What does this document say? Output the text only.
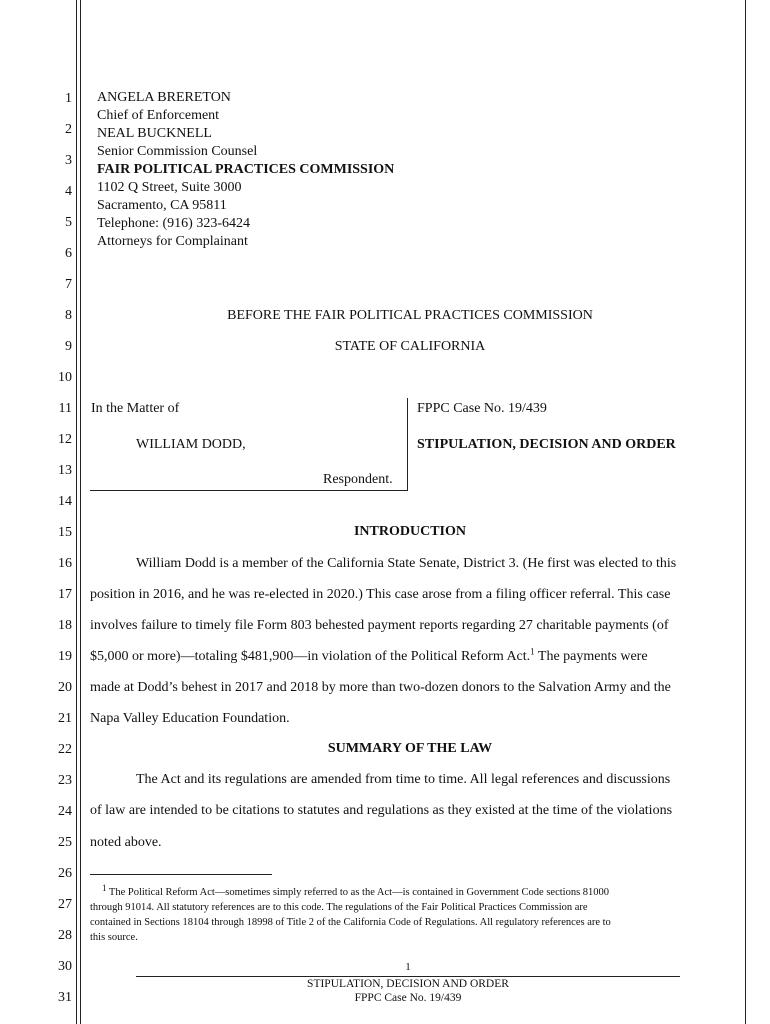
1
2
3
4
5
6
7
8
9
10
11
12
13
14
15
16
17
18
19
20
21
22
23
24
25
26
27
28
30
31
ANGELA BRERETON
Chief of Enforcement
NEAL BUCKNELL
Senior Commission Counsel
FAIR POLITICAL PRACTICES COMMISSION
1102 Q Street, Suite 3000
Sacramento, CA 95811
Telephone: (916) 323-6424
Attorneys for Complainant
BEFORE THE FAIR POLITICAL PRACTICES COMMISSION
STATE OF CALIFORNIA
In the Matter of
WILLIAM DODD,
Respondent.
FPPC Case No. 19/439
STIPULATION, DECISION AND ORDER
INTRODUCTION
William Dodd is a member of the California State Senate, District 3. (He first was elected to this
position in 2016, and he was re-elected in 2020.) This case arose from a filing officer referral. This case
involves failure to timely file Form 803 behested payment reports regarding 27 charitable payments (of
$5,000 or more)—totaling $481,900—in violation of the Political Reform Act.$^1$ The payments were
made at Dodd’s behest in 2017 and 2018 by more than two-dozen donors to the Salvation Army and the
Napa Valley Education Foundation.
SUMMARY OF THE LAW
The Act and its regulations are amended from time to time. All legal references and discussions
of law are intended to be citations to statutes and regulations as they existed at the time of the violations
noted above.
$^1$ The Political Reform Act—sometimes simply referred to as the Act—is contained in Government Code sections 81000
through 91014. All statutory references are to this code. The regulations of the Fair Political Practices Commission are
contained in Sections 18104 through 18998 of Title 2 of the California Code of Regulations. All regulatory references are to
this source.
1
STIPULATION, DECISION AND ORDER
FPPC Case No. 19/439
